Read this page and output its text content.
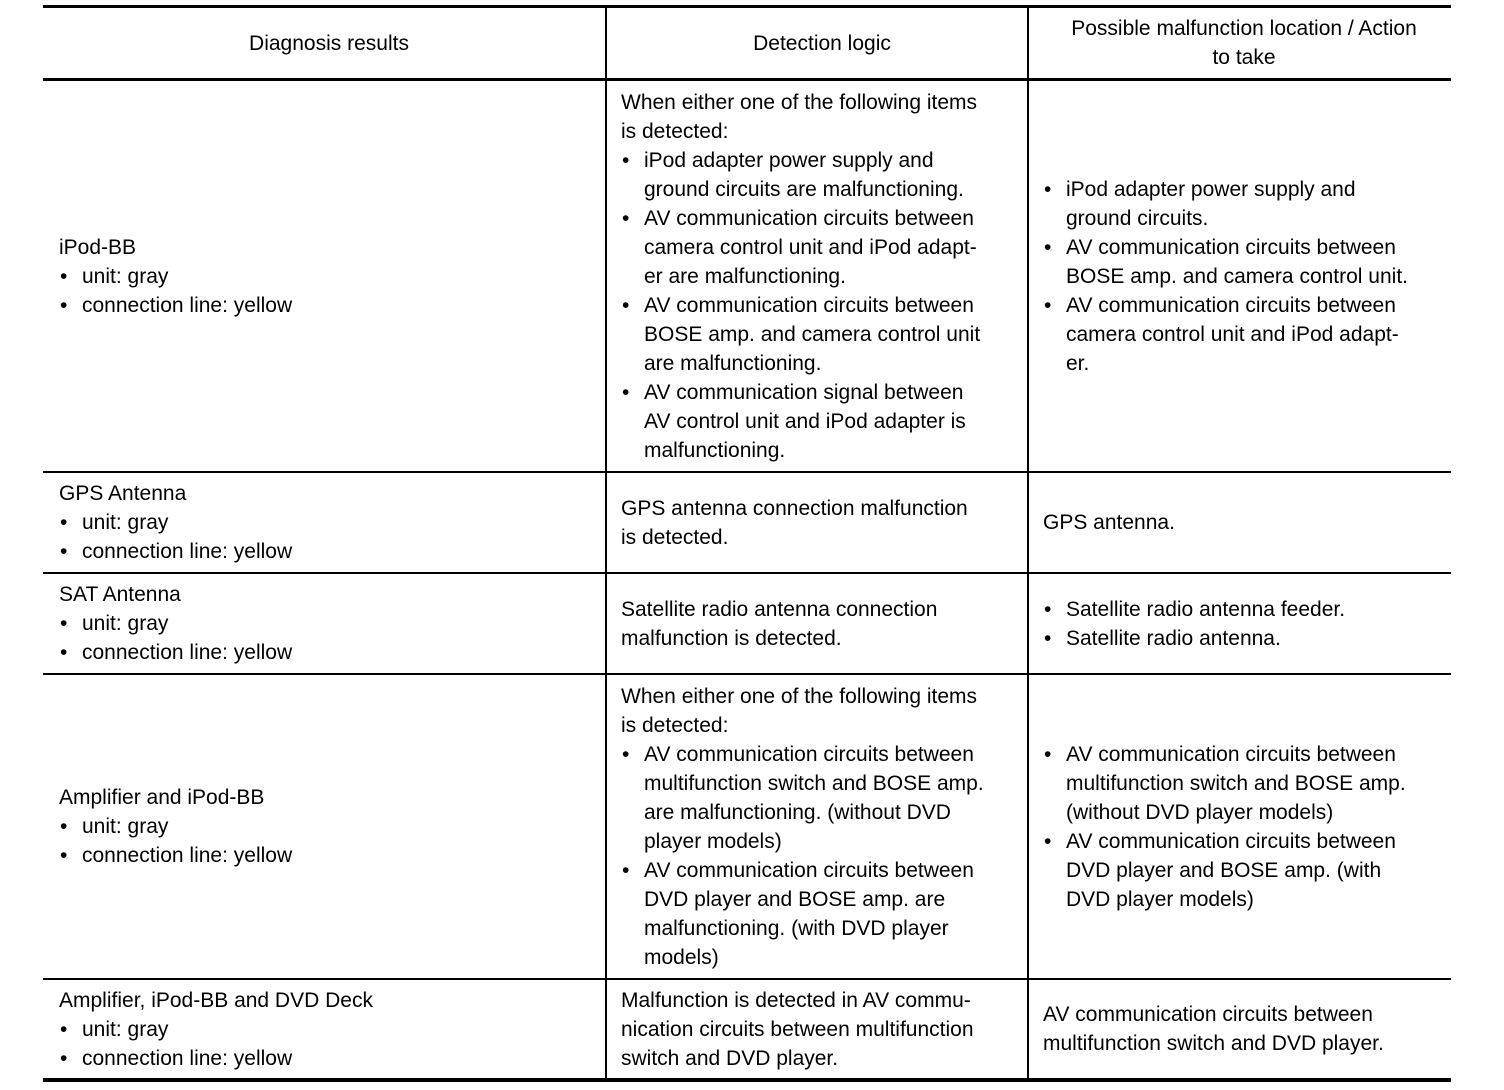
Diagnosis results	Detection logic
Possible malfunction location / Action
to take
iPod-BB
• unit: gray
• connection line: yellow
When either one of the following items
is detected:
• iPod adapter power supply and
ground circuits are malfunctioning.
• AV communication circuits between
camera control unit and iPod adapt-
er are malfunctioning.
• AV communication circuits between
BOSE amp. and camera control unit
are malfunctioning.
• AV communication signal between
AV control unit and iPod adapter is
malfunctioning.
• iPod adapter power supply and
ground circuits.
• AV communication circuits between
BOSE amp. and camera control unit.
• AV communication circuits between
camera control unit and iPod adapt-
er.
GPS Antenna
• unit: gray
• connection line: yellow
GPS antenna connection malfunction
is detected.
GPS antenna.
SAT Antenna
• unit: gray
• connection line: yellow
Satellite radio antenna connection
malfunction is detected.
• Satellite radio antenna feeder.
• Satellite radio antenna.
Amplifier and iPod-BB
• unit: gray
• connection line: yellow
When either one of the following items
is detected:
• AV communication circuits between
multifunction switch and BOSE amp.
are malfunctioning. (without DVD
player models)
• AV communication circuits between
DVD player and BOSE amp. are
malfunctioning. (with DVD player
models)
• AV communication circuits between
multifunction switch and BOSE amp.
(without DVD player models)
• AV communication circuits between
DVD player and BOSE amp. (with
DVD player models)
Amplifier, iPod-BB and DVD Deck
• unit: gray
• connection line: yellow
Malfunction is detected in AV commu-
nication circuits between multifunction
switch and DVD player.
AV communication circuits between
multifunction switch and DVD player.
